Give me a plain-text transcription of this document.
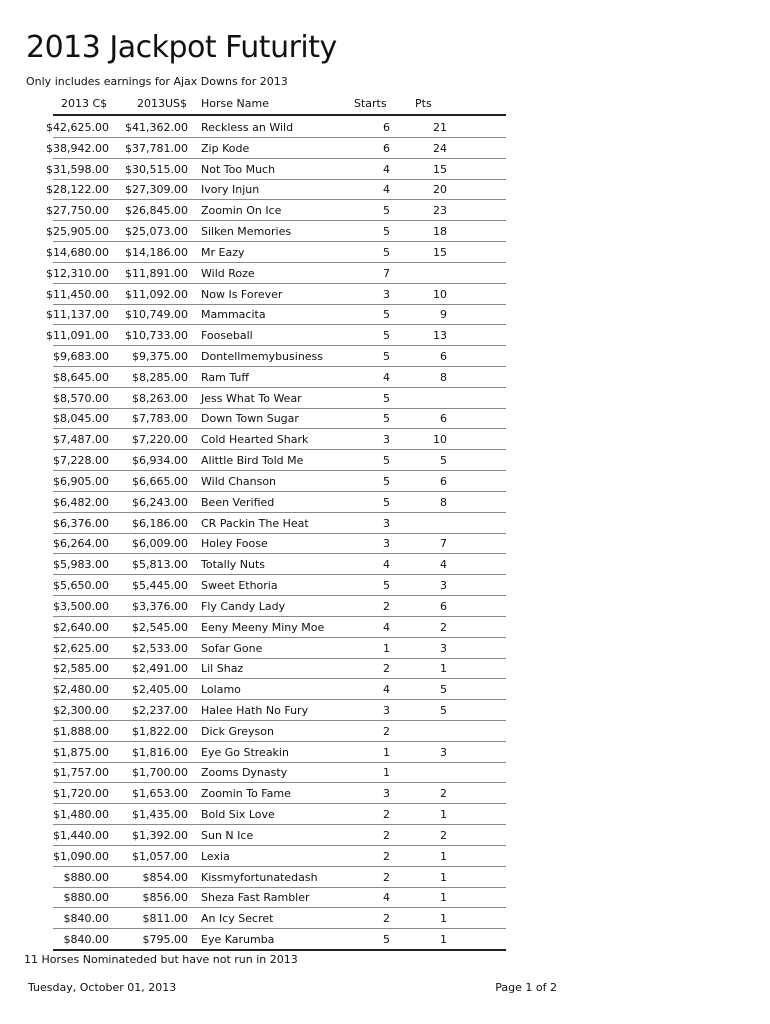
2013 Jackpot Futurity
Only includes earnings for Ajax Downs for 2013
2013 C$	2013US$ Horse Name	Starts	Pts
$42,625.00 $41,362.00 Reckless an Wild	6	21
$38,942.00 $37,781.00 Zip Kode	6	24
$31,598.00 $30,515.00 Not Too Much	4	15
$28,122.00 $27,309.00 Ivory Injun	4	20
$27,750.00 $26,845.00 Zoomin On Ice	5	23
$25,905.00 $25,073.00 Silken Memories	5	18
$14,680.00 $14,186.00 Mr Eazy	5	15
$12,310.00 $11,891.00 Wild Roze	7
$11,450.00 $11,092.00 Now Is Forever	3	10
$11,137.00 $10,749.00 Mammacita	5	9
$11,091.00 $10,733.00 Fooseball	5	13
$9,683.00 $9,375.00 Dontellmemybusiness	5	6
$8,645.00 $8,285.00 Ram Tuff	4	8
$8,570.00 $8,263.00 Jess What To Wear	5
$8,045.00 $7,783.00 Down Town Sugar	5	6
$7,487.00 $7,220.00 Cold Hearted Shark	3	10
$7,228.00 $6,934.00 Alittle Bird Told Me	5	5
$6,905.00 $6,665.00 Wild Chanson	5	6
$6,482.00 $6,243.00 Been Verified	5	8
$6,376.00 $6,186.00 CR Packin The Heat	3
$6,264.00 $6,009.00 Holey Foose	3	7
$5,983.00 $5,813.00 Totally Nuts	4	4
$5,650.00 $5,445.00 Sweet Ethoria	5	3
$3,500.00 $3,376.00 Fly Candy Lady	2	6
$2,640.00 $2,545.00 Eeny Meeny Miny Moe	4	2
$2,625.00 $2,533.00 Sofar Gone	1	3
$2,585.00 $2,491.00 Lil Shaz	2	1
$2,480.00 $2,405.00 Lolamo	4	5
$2,300.00 $2,237.00 Halee Hath No Fury	3	5
$1,888.00 $1,822.00 Dick Greyson	2
$1,875.00 $1,816.00 Eye Go Streakin	1	3
$1,757.00 $1,700.00 Zooms Dynasty	1
$1,720.00 $1,653.00 Zoomin To Fame	3	2
$1,480.00 $1,435.00 Bold Six Love	2	1
$1,440.00 $1,392.00 Sun N Ice	2	2
$1,090.00 $1,057.00 Lexia	2	1
$880.00	$854.00 Kissmyfortunatedash	2	1
$880.00	$856.00 Sheza Fast Rambler	4	1
$840.00	$811.00 An Icy Secret	2	1
$840.00	$795.00 Eye Karumba	5	1
11 Horses Nominateded but have not run in 2013
Tuesday, October 01, 2013	Page 1 of 2
